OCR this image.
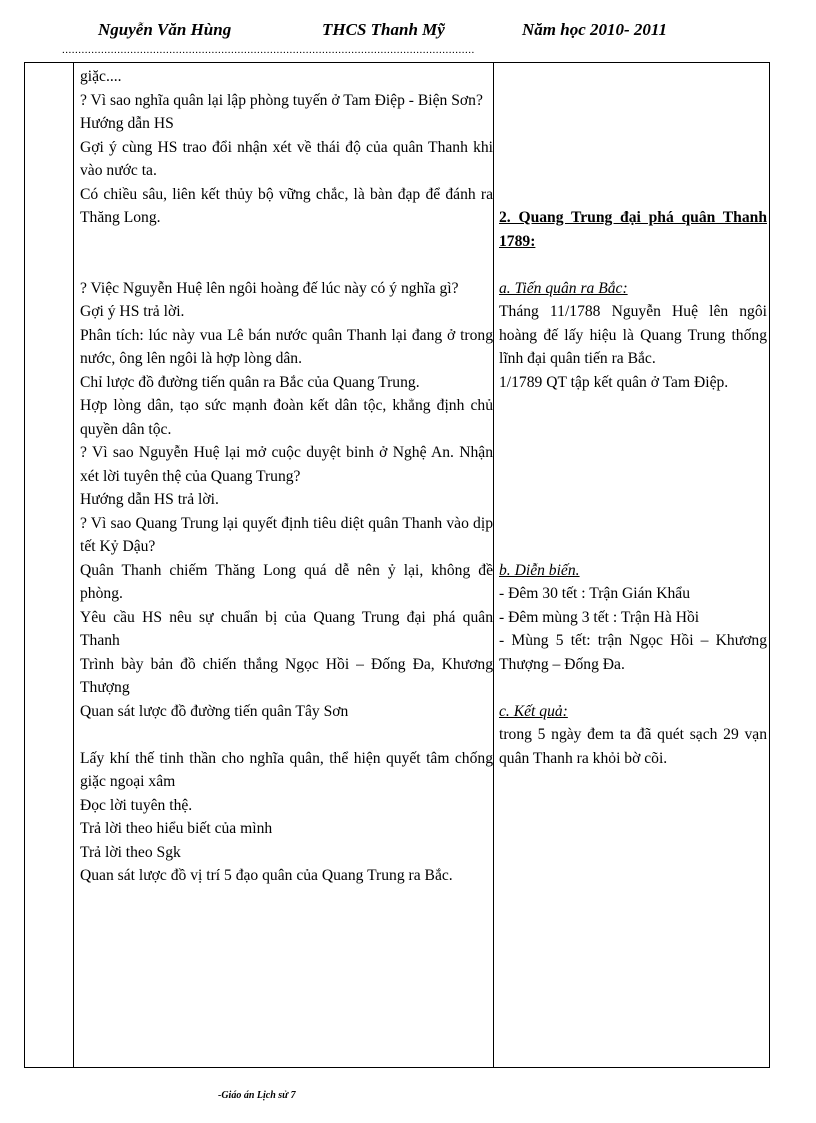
Nguyễn Văn Hùng	THCS Thanh Mỹ	Năm học 2010- 2011
...............................................................................................................................

giặc....

? Vì sao nghĩa quân lại lập phòng tuyến ở Tam Điệp - Biện Sơn?

Hướng dẫn HS

Gợi ý cùng HS trao đổi nhận xét về thái độ của quân Thanh khi vào nước ta.

Có chiều sâu, liên kết thủy bộ vững chắc, là bàn đạp để đánh ra Thăng Long.

? Việc Nguyễn Huệ lên ngôi hoàng đế lúc này có ý nghĩa gì?

Gợi ý HS trả lời.

Phân tích: lúc này vua Lê bán nước quân Thanh lại đang ở trong nước, ông lên ngôi là hợp lòng dân.

Chỉ lược đồ đường tiến quân ra Bắc của Quang Trung.

Hợp lòng dân, tạo sức mạnh đoàn kết dân tộc, khẳng định chủ quyền dân tộc.

? Vì sao Nguyễn Huệ lại mở cuộc duyệt binh ở Nghệ An. Nhận xét lời tuyên thệ của Quang Trung?

Hướng dẫn HS trả lời.

? Vì sao Quang Trung lại quyết định tiêu diệt quân Thanh vào dịp tết Kỷ Dậu?

Quân Thanh chiếm Thăng Long quá dễ nên ỷ lại, không đề phòng.

Yêu cầu HS nêu sự chuẩn bị của Quang Trung đại phá quân Thanh

Trình bày bản đồ chiến thắng Ngọc Hồi – Đống Đa, Khương Thượng

Quan sát lược đồ đường tiến quân Tây Sơn

Lấy khí thế tinh thần cho nghĩa quân, thể hiện quyết tâm chống giặc ngoại xâm

Đọc lời tuyên thệ.

Trả lời theo hiểu biết của mình

Trả lời theo Sgk

Quan sát lược đồ vị trí 5 đạo quân của Quang Trung ra Bắc.

2. Quang Trung đại phá quân Thanh 1789:

a. Tiến quân ra Bắc:

Tháng 11/1788 Nguyễn Huệ lên ngôi hoàng đế lấy hiệu là Quang Trung thống lĩnh đại quân tiến ra Bắc.

1/1789 QT tập kết quân ở Tam Điệp.

b. Diễn biến.

- Đêm 30 tết : Trận Gián Khẩu

- Đêm mùng 3 tết : Trận Hà Hồi

- Mùng 5 tết: trận Ngọc Hồi – Khương Thượng – Đống Đa.

c. Kết quả:

trong 5 ngày đem ta đã quét sạch 29 vạn quân Thanh ra khỏi bờ cõi.

-Giáo án Lịch sử 7
